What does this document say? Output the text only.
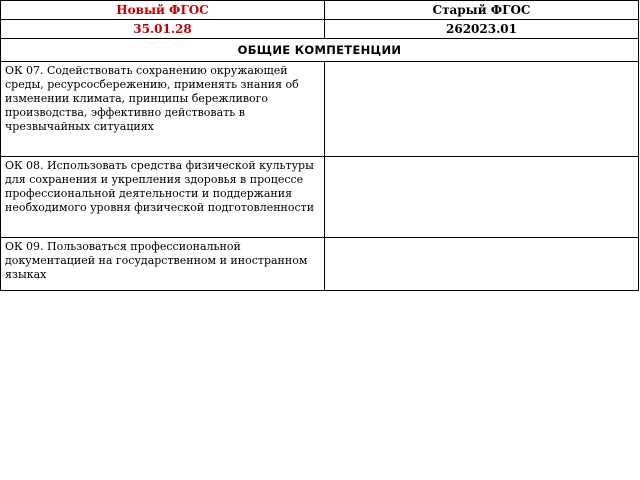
Новый ФГОС	Старый ФГОС
35.01.28	262023.01
ОБЩИЕ КОМПЕТЕНЦИИ	
ОК 07. Содействовать сохранению окружающей среды, ресурсосбережению, применять знания об изменении климата, принципы бережливого производства, эффективно действовать в чрезвычайных ситуациях	
ОК 08. Использовать средства физической культуры для сохранения и укрепления здоровья в процессе профессиональной деятельности и поддержания необходимого уровня физической подготовленности	
ОК 09. Пользоваться профессиональной документацией на государственном и иностранном языках	
